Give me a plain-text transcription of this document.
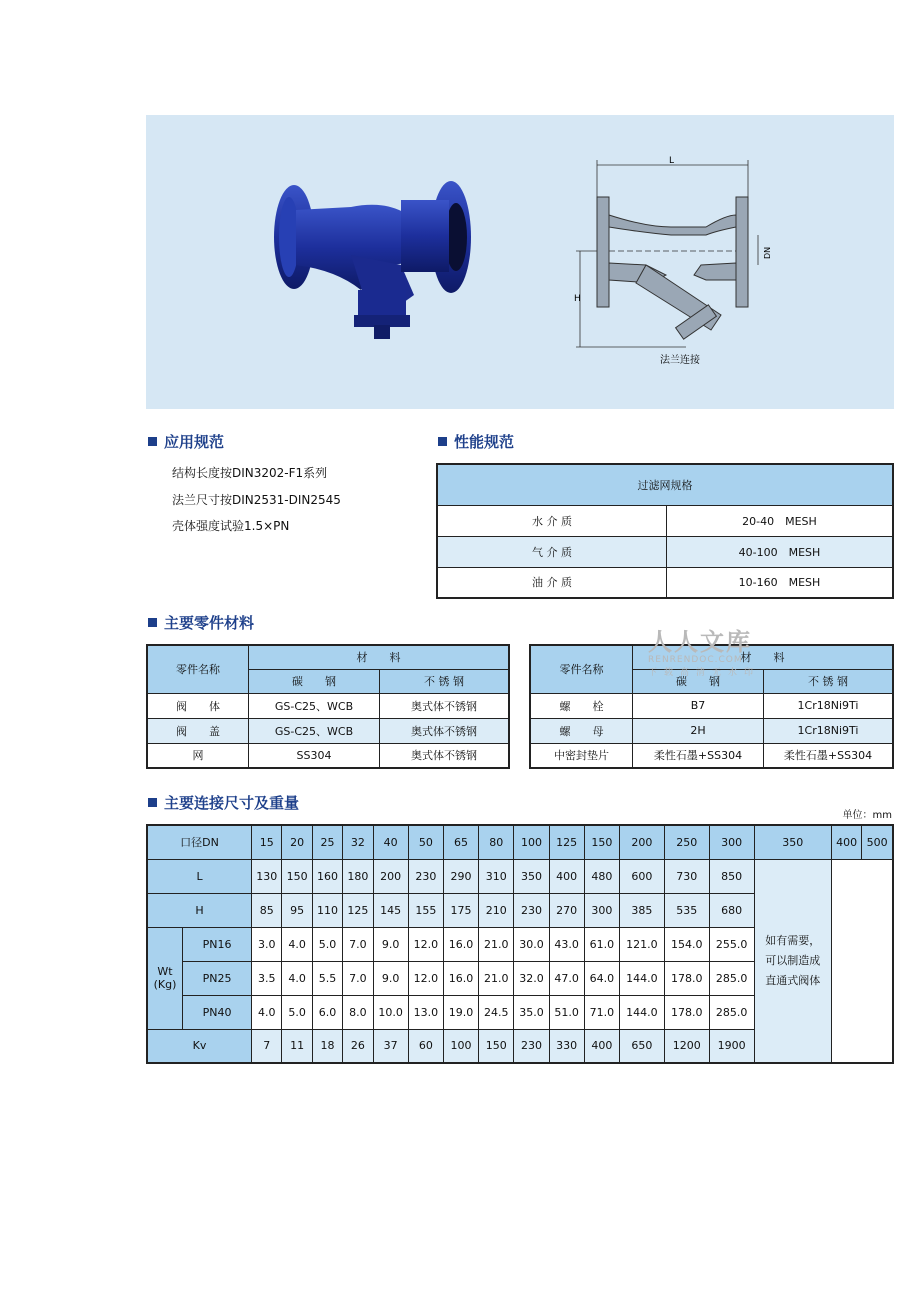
L
H
DN
法兰连接
应用规范
结构长度按DIN3202-F1系列
法兰尺寸按DIN2531-DIN2545
壳体强度试验1.5×PN
性能规范
过滤网规格	
水 介 质	20-40　MESH
气 介 质	40-100　MESH
油 介 质	10-160　MESH
主要零件材料
零件名称	材　　料	
	碳　　钢	不 锈 钢
阀　　体	GS-C25、WCB	奥式体不锈钢
阀　　盖	GS-C25、WCB	奥式体不锈钢
网	SS304	奥式体不锈钢
零件名称	材　　料	
	碳　　钢	不 锈 钢
螺　　栓	B7	1Cr18Ni9Ti
螺　　母	2H	1Cr18Ni9Ti
中密封垫片	柔性石墨+SS304	柔性石墨+SS304
人人文库
RENRENDOC.COM
下载高清无水印
主要连接尺寸及重量
单位：mm
口径DN		15	20	25	32	40	50	65	80	100	125	150	200	250	300	350	400	500
L		130	150	160	180	200	230	290	310	350	400	480	600	730	850	如有需要，
可以制造成
直通式阀体		

H		85	95	110	125	145	155	175	210	230	270	300	385	535	680			
Wt
(Kg)	PN16	3.0	4.0	5.0	7.0	9.0	12.0	16.0	21.0	30.0	43.0	61.0	121.0	154.0	255.0			
	PN25	3.5	4.0	5.5	7.0	9.0	12.0	16.0	21.0	32.0	47.0	64.0	144.0	178.0	285.0			
	PN40	4.0	5.0	6.0	8.0	10.0	13.0	19.0	24.5	35.0	51.0	71.0	144.0	178.0	285.0			
Kv		7	11	18	26	37	60	100	150	230	330	400	650	1200	1900			
